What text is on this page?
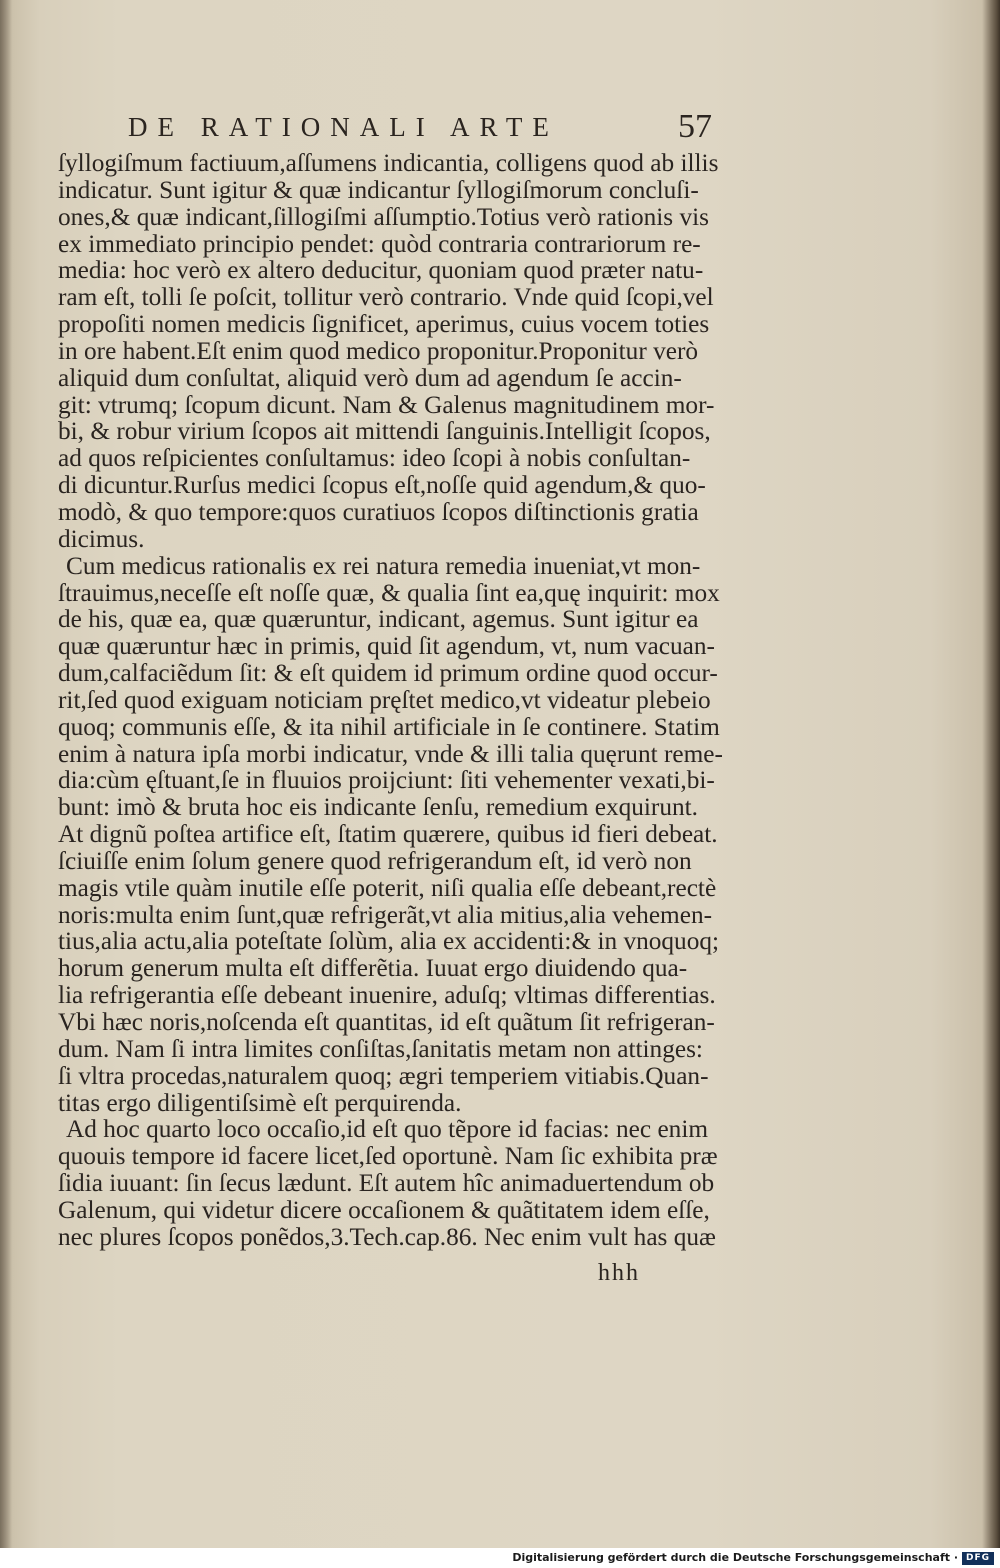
DE RATIONALI ARTE	57
ſyllogiſmum factiuum,aſſumens indicantia, colligens quod ab illis
indicatur. Sunt igitur & quæ indicantur ſyllogiſmorum concluſi-
ones,& quæ indicant,ſillogiſmi aſſumptio.Totius verò rationis vis
ex immediato principio pendet: quòd contraria contrariorum re-
media: hoc verò ex altero deducitur, quoniam quod præter natu-
ram eſt, tolli ſe poſcit, tollitur verò contrario. Vnde quid ſcopi,vel
propoſiti nomen medicis ſignificet, aperimus, cuius vocem toties
in ore habent.Eſt enim quod medico proponitur.Proponitur verò
aliquid dum conſultat, aliquid verò dum ad agendum ſe accin-
git: vtrumq; ſcopum dicunt. Nam & Galenus magnitudinem mor-
bi, & robur virium ſcopos ait mittendi ſanguinis.Intelligit ſcopos,
ad quos reſpicientes conſultamus: ideo ſcopi à nobis conſultan-
di dicuntur.Rurſus medici ſcopus eſt,noſſe quid agendum,& quo-
modò, & quo tempore:quos curatiuos ſcopos diſtinctionis gratia
dicimus.
Cum medicus rationalis ex rei natura remedia inueniat,vt mon-
ſtrauimus,neceſſe eſt noſſe quæ, & qualia ſint ea,quę inquirit: mox
de his, quæ ea, quæ quæruntur, indicant, agemus. Sunt igitur ea
quæ quæruntur hæc in primis, quid ſit agendum, vt, num vacuan-
dum,calfaciẽdum ſit: & eſt quidem id primum ordine quod occur-
rit,ſed quod exiguam noticiam pręſtet medico,vt videatur plebeio
quoq; communis eſſe, & ita nihil artificiale in ſe continere. Statim
enim à natura ipſa morbi indicatur, vnde & illi talia quęrunt reme-
dia:cùm ęſtuant,ſe in fluuios proijciunt: ſiti vehementer vexati,bi-
bunt: imò & bruta hoc eis indicante ſenſu, remedium exquirunt.
At dignũ poſtea artifice eſt, ſtatim quærere, quibus id fieri debeat.
ſciuiſſe enim ſolum genere quod refrigerandum eſt, id verò non
magis vtile quàm inutile eſſe poterit, niſi qualia eſſe debeant,rectè
noris:multa enim ſunt,quæ refrigerãt,vt alia mitius,alia vehemen-
tius,alia actu,alia poteſtate ſolùm, alia ex accidenti:& in vnoquoq;
horum generum multa eſt differẽtia. Iuuat ergo diuidendo qua-
lia refrigerantia eſſe debeant inuenire, aduſq; vltimas differentias.
Vbi hæc noris,noſcenda eſt quantitas, id eſt quãtum ſit refrigeran-
dum. Nam ſi intra limites conſiſtas,ſanitatis metam non attinges:
ſi vltra procedas,naturalem quoq; ægri temperiem vitiabis.Quan-
titas ergo diligentiſsimè eſt perquirenda.
Ad hoc quarto loco occaſio,id eſt quo tẽpore id facias: nec enim
quouis tempore id facere licet,ſed oportunè. Nam ſic exhibita præ
ſidia iuuant: ſin ſecus lædunt. Eſt autem hîc animaduertendum ob
Galenum, qui videtur dicere occaſionem & quãtitatem idem eſſe,
nec plures ſcopos ponẽdos,3.Tech.cap.86. Nec enim vult has quæ
hhh
Digitalisierung gefördert durch die Deutsche Forschungsgemeinschaft · DFG
